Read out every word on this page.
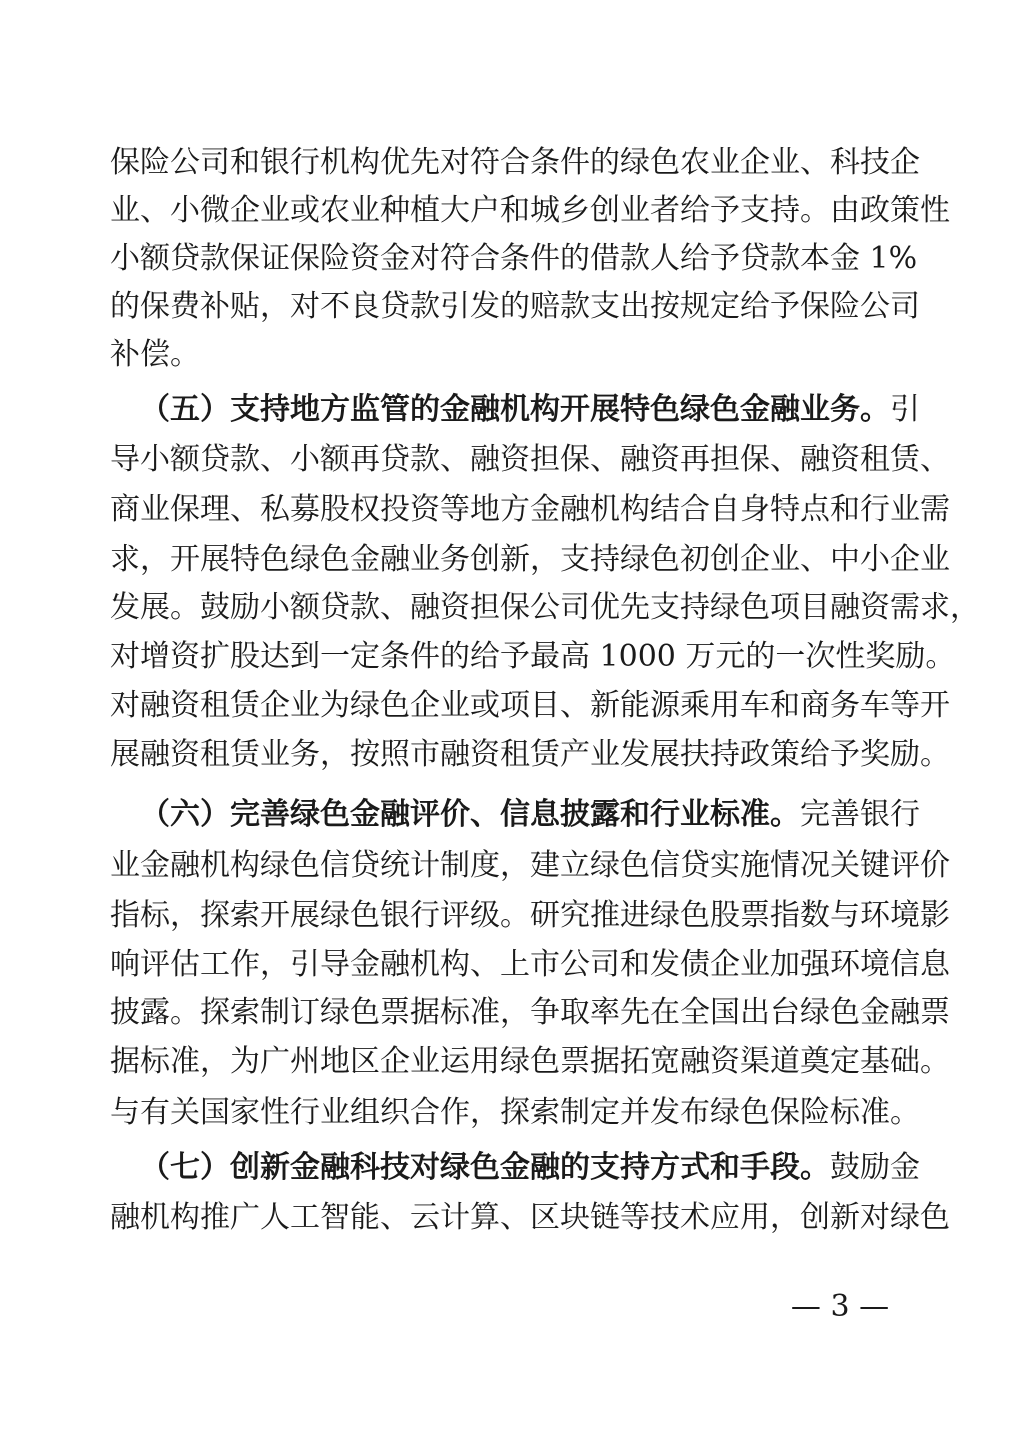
保险公司和银行机构优先对符合条件的绿色农业企业、科技企
业、小微企业或农业种植大户和城乡创业者给予支持。由政策性
小额贷款保证保险资金对符合条件的借款人给予贷款本金 1%
的保费补贴，对不良贷款引发的赔款支出按规定给予保险公司
补偿。
（五）支持地方监管的金融机构开展特色绿色金融业务。引
导小额贷款、小额再贷款、融资担保、融资再担保、融资租赁、
商业保理、私募股权投资等地方金融机构结合自身特点和行业需
求，开展特色绿色金融业务创新，支持绿色初创企业、中小企业
发展。鼓励小额贷款、融资担保公司优先支持绿色项目融资需求，
对增资扩股达到一定条件的给予最高 1000 万元的一次性奖励。
对融资租赁企业为绿色企业或项目、新能源乘用车和商务车等开
展融资租赁业务，按照市融资租赁产业发展扶持政策给予奖励。
（六）完善绿色金融评价、信息披露和行业标准。完善银行
业金融机构绿色信贷统计制度，建立绿色信贷实施情况关键评价
指标，探索开展绿色银行评级。研究推进绿色股票指数与环境影
响评估工作，引导金融机构、上市公司和发债企业加强环境信息
披露。探索制订绿色票据标准，争取率先在全国出台绿色金融票
据标准，为广州地区企业运用绿色票据拓宽融资渠道奠定基础。
与有关国家性行业组织合作，探索制定并发布绿色保险标准。
（七）创新金融科技对绿色金融的支持方式和手段。鼓励金
融机构推广人工智能、云计算、区块链等技术应用，创新对绿色
— 3 —
